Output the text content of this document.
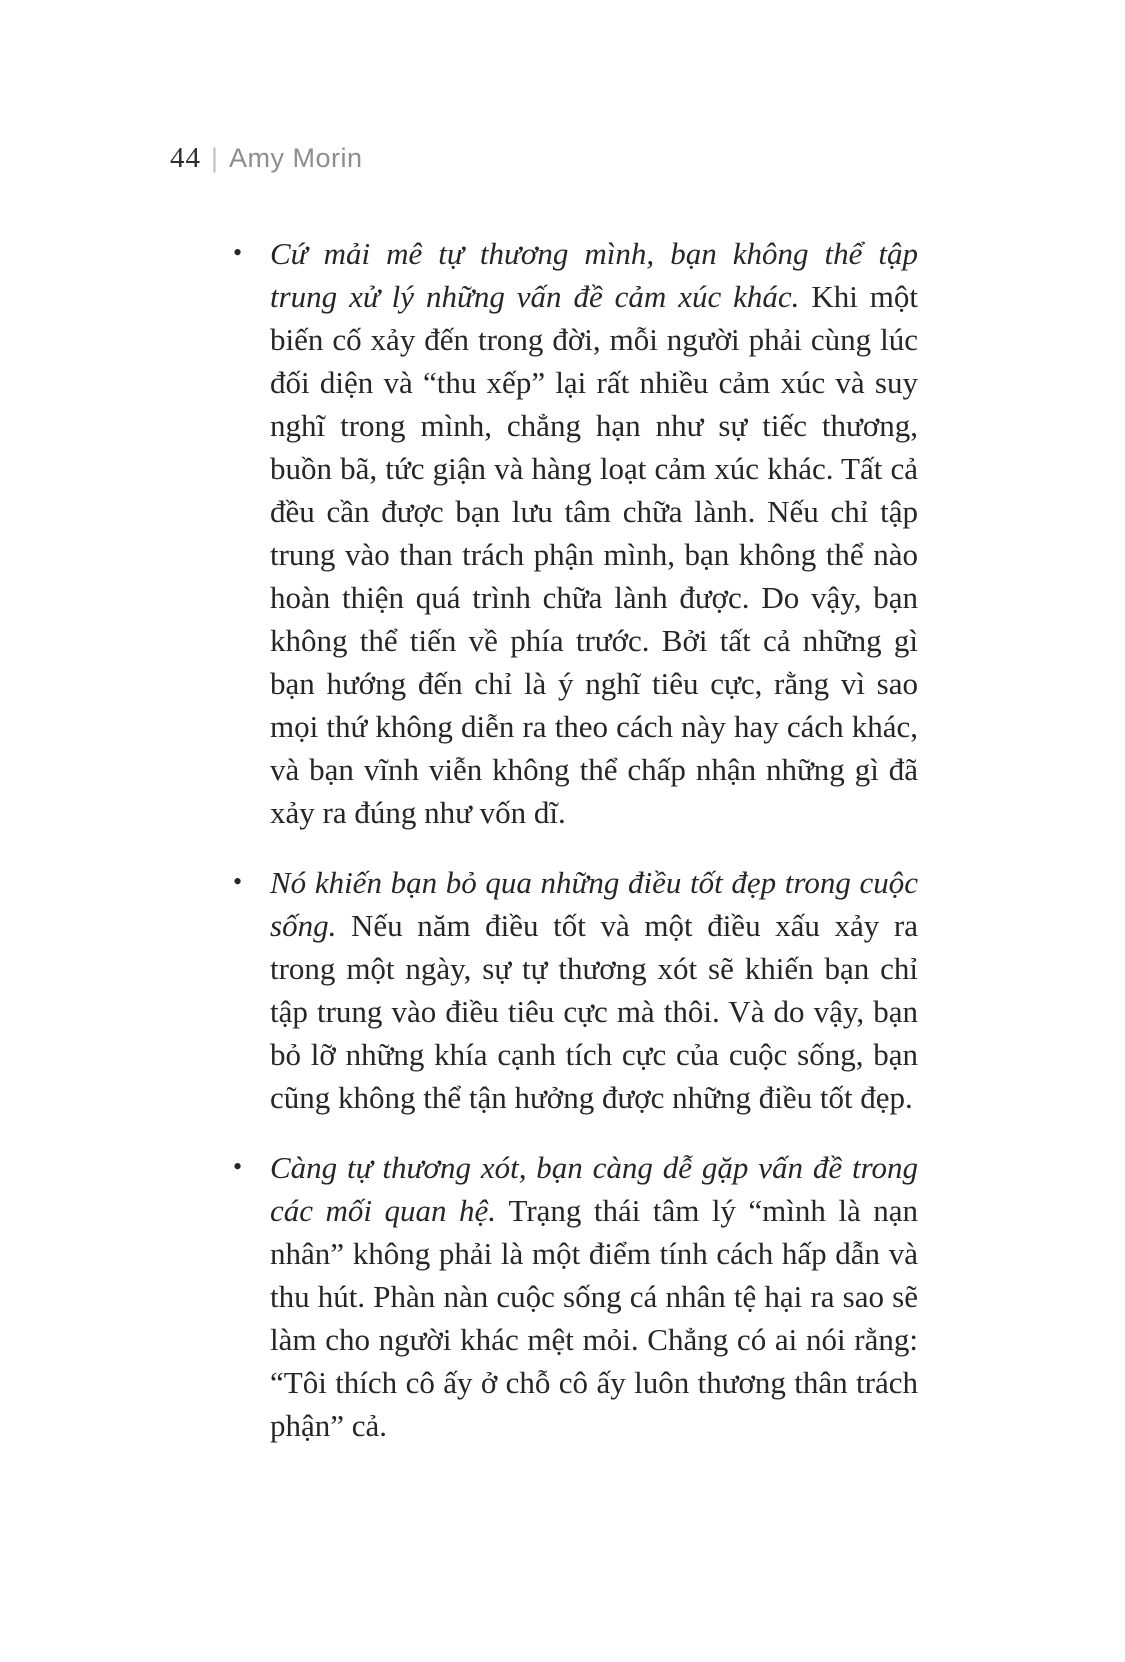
44 | Amy Morin
• Cứ mải mê tự thương mình, bạn không thể tập trung xử lý những vấn đề cảm xúc khác. Khi một biến cố xảy đến trong đời, mỗi người phải cùng lúc đối diện và “thu xếp” lại rất nhiều cảm xúc và suy nghĩ trong mình, chẳng hạn như sự tiếc thương, buồn bã, tức giận và hàng loạt cảm xúc khác. Tất cả đều cần được bạn lưu tâm chữa lành. Nếu chỉ tập trung vào than trách phận mình, bạn không thể nào hoàn thiện quá trình chữa lành được. Do vậy, bạn không thể tiến về phía trước. Bởi tất cả những gì bạn hướng đến chỉ là ý nghĩ tiêu cực, rằng vì sao mọi thứ không diễn ra theo cách này hay cách khác, và bạn vĩnh viễn không thể chấp nhận những gì đã xảy ra đúng như vốn dĩ.
• Nó khiến bạn bỏ qua những điều tốt đẹp trong cuộc sống. Nếu năm điều tốt và một điều xấu xảy ra trong một ngày, sự tự thương xót sẽ khiến bạn chỉ tập trung vào điều tiêu cực mà thôi. Và do vậy, bạn bỏ lỡ những khía cạnh tích cực của cuộc sống, bạn cũng không thể tận hưởng được những điều tốt đẹp.
• Càng tự thương xót, bạn càng dễ gặp vấn đề trong các mối quan hệ. Trạng thái tâm lý “mình là nạn nhân” không phải là một điểm tính cách hấp dẫn và thu hút. Phàn nàn cuộc sống cá nhân tệ hại ra sao sẽ làm cho người khác mệt mỏi. Chẳng có ai nói rằng: “Tôi thích cô ấy ở chỗ cô ấy luôn thương thân trách phận” cả.
